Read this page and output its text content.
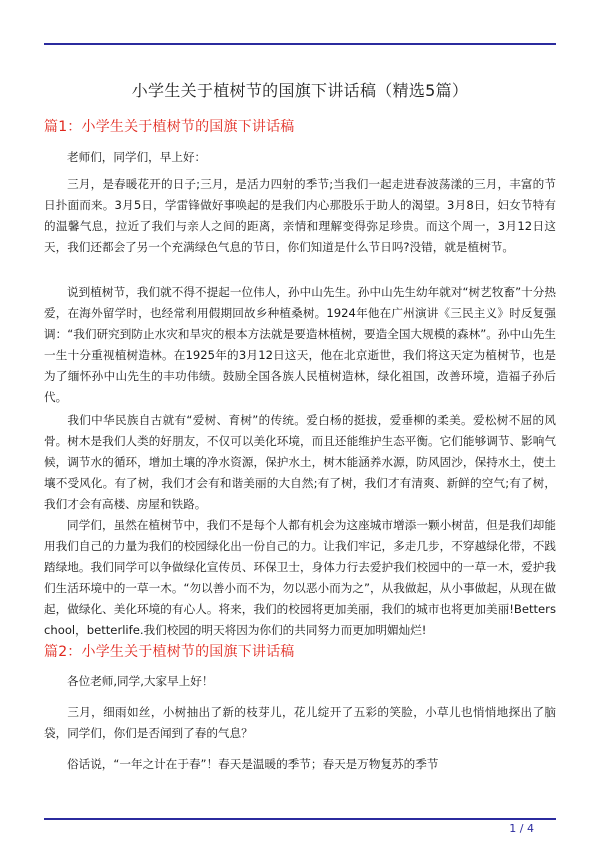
小学生关于植树节的国旗下讲话稿（精选5篇）
篇1：小学生关于植树节的国旗下讲话稿

老师们，同学们，早上好：

三月，是春暖花开的日子;三月，是活力四射的季节;当我们一起走进春波荡漾的三月，丰富的节日扑面而来。3月5日，学雷锋做好事唤起的是我们内心那股乐于助人的渴望。3月8日，妇女节特有的温馨气息，拉近了我们与亲人之间的距离，亲情和理解变得弥足珍贵。而这个周一，3月12日这天，我们还都会了另一个充满绿色气息的节日，你们知道是什么节日吗?没错，就是植树节。

说到植树节，我们就不得不提起一位伟人，孙中山先生。孙中山先生幼年就对“树艺牧畜”十分热爱，在海外留学时，也经常利用假期回故乡种植桑树。1924年他在广州演讲《三民主义》时反复强调：“我们研究到防止水灾和旱灾的根本方法就是要造林植树，要造全国大规模的森林”。孙中山先生一生十分重视植树造林。在1925年的3月12日这天，他在北京逝世，我们将这天定为植树节，也是为了缅怀孙中山先生的丰功伟绩。鼓励全国各族人民植树造林，绿化祖国，改善环境，造福子孙后代。

我们中华民族自古就有“爱树、育树”的传统。爱白杨的挺拔，爱垂柳的柔美。爱松树不屈的风骨。树木是我们人类的好朋友，不仅可以美化环境，而且还能维护生态平衡。它们能够调节、影响气候，调节水的循环，增加土壤的净水资源，保护水土，树木能涵养水源，防风固沙，保持水土，使土壤不受风化。有了树，我们才会有和谐美丽的大自然;有了树，我们才有清爽、新鲜的空气;有了树，我们才会有高楼、房屋和铁路。

同学们，虽然在植树节中，我们不是每个人都有机会为这座城市增添一颗小树苗，但是我们却能用我们自己的力量为我们的校园绿化出一份自己的力。让我们牢记，多走几步，不穿越绿化带，不践踏绿地。我们同学可以争做绿化宣传员、环保卫士，身体力行去爱护我们校园中的一草一木，爱护我们生活环境中的一草一木。“勿以善小而不为，勿以恶小而为之”，从我做起，从小事做起，从现在做起，做绿化、美化环境的有心人。将来，我们的校园将更加美丽，我们的城市也将更加美丽!Betterschool，betterlife.我们校园的明天将因为你们的共同努力而更加明媚灿烂!

篇2：小学生关于植树节的国旗下讲话稿

各位老师,同学,大家早上好！

三月，细雨如丝，小树抽出了新的枝芽儿，花儿绽开了五彩的笑脸，小草儿也悄悄地探出了脑袋，同学们，你们是否闻到了春的气息？

俗话说，“一年之计在于春”！春天是温暖的季节；春天是万物复苏的季节

1 / 4
